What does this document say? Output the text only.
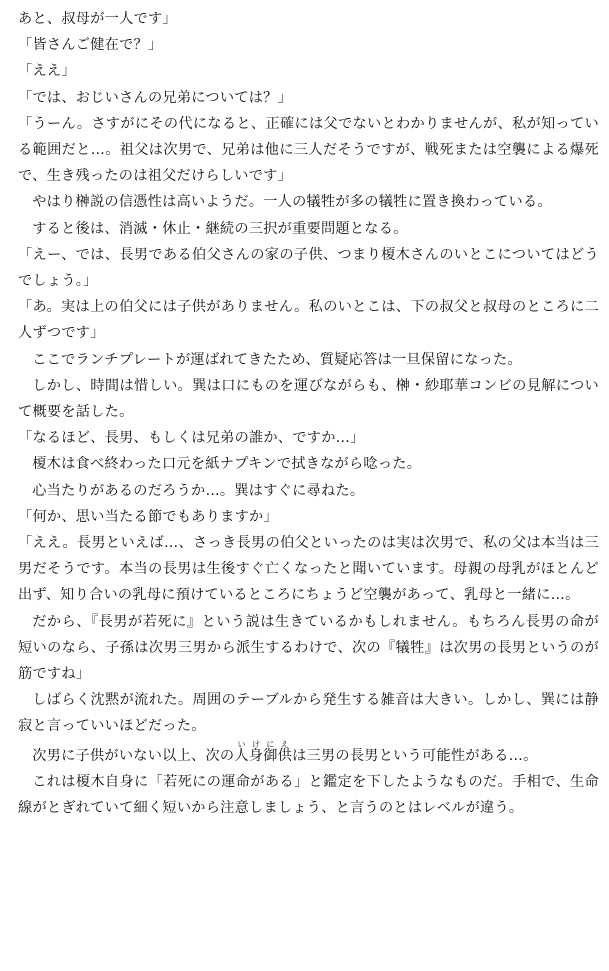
あと、叔母が一人です」

「皆さんご健在で？」

「ええ」

「では、おじいさんの兄弟については？」

「うーん。さすがにその代になると、正確には父でないとわかりませんが、私が知っている範囲だと…。祖父は次男で、兄弟は他に三人だそうですが、戦死または空襲による爆死で、生き残ったのは祖父だけらしいです」

やはり榊説の信憑性は高いようだ。一人の犠牲が多の犠牲に置き換わっている。

すると後は、消滅・休止・継続の三択が重要問題となる。

「えー、では、長男である伯父さんの家の子供、つまり榎木さんのいとこについてはどうでしょう。」

「あ。実は上の伯父には子供がありません。私のいとこは、下の叔父と叔母のところに二人ずつです」

ここでランチプレートが運ばれてきたため、質疑応答は一旦保留になった。

しかし、時間は惜しい。巽は口にものを運びながらも、榊・紗耶華コンビの見解について概要を話した。

「なるほど、長男、もしくは兄弟の誰か、ですか…」

榎木は食べ終わった口元を紙ナプキンで拭きながら唸った。

心当たりがあるのだろうか…。巽はすぐに尋ねた。

「何か、思い当たる節でもありますか」

「ええ。長男といえば…、さっき長男の伯父といったのは実は次男で、私の父は本当は三男だそうです。本当の長男は生後すぐ亡くなったと聞いています。母親の母乳がほとんど出ず、知り合いの乳母に預けているところにちょうど空襲があって、乳母と一緒に…。

だから、『長男が若死に』という説は生きているかもしれません。もちろん長男の命が短いのなら、子孫は次男三男から派生するわけで、次の『犠牲』は次男の長男というのが筋ですね」

しばらく沈黙が流れた。周囲のテーブルから発生する雑音は大きい。しかし、巽には静寂と言っていいほどだった。

次男に子供がいない以上、次の人身御供いけにえは三男の長男という可能性がある…。

これは榎木自身に「若死にの運命がある」と鑑定を下したようなものだ。手相で、生命線がとぎれていて細く短いから注意しましょう、と言うのとはレベルが違う。
